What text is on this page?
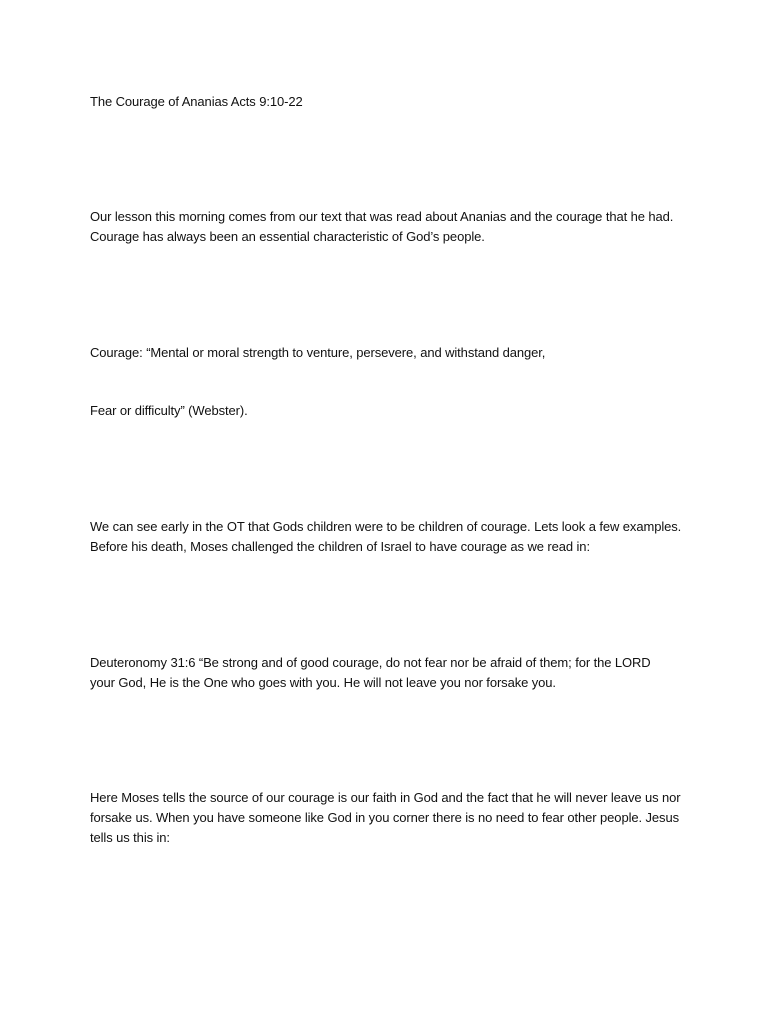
The Courage of Ananias Acts 9:10-22

Our lesson this morning comes from our text that was read about Ananias and the courage that he had.
Courage has always been an essential characteristic of God’s people.

Courage: “Mental or moral strength to venture, persevere, and withstand danger,

Fear or difficulty” (Webster).

We can see early in the OT that Gods children were to be children of courage. Lets look a few examples.
Before his death, Moses challenged the children of Israel to have courage as we read in:

Deuteronomy 31:6 “Be strong and of good courage, do not fear nor be afraid of them; for the LORD
your God, He is the One who goes with you. He will not leave you nor forsake you.

Here Moses tells the source of our courage is our faith in God and the fact that he will never leave us nor
forsake us. When you have someone like God in you corner there is no need to fear other people. Jesus
tells us this in:
